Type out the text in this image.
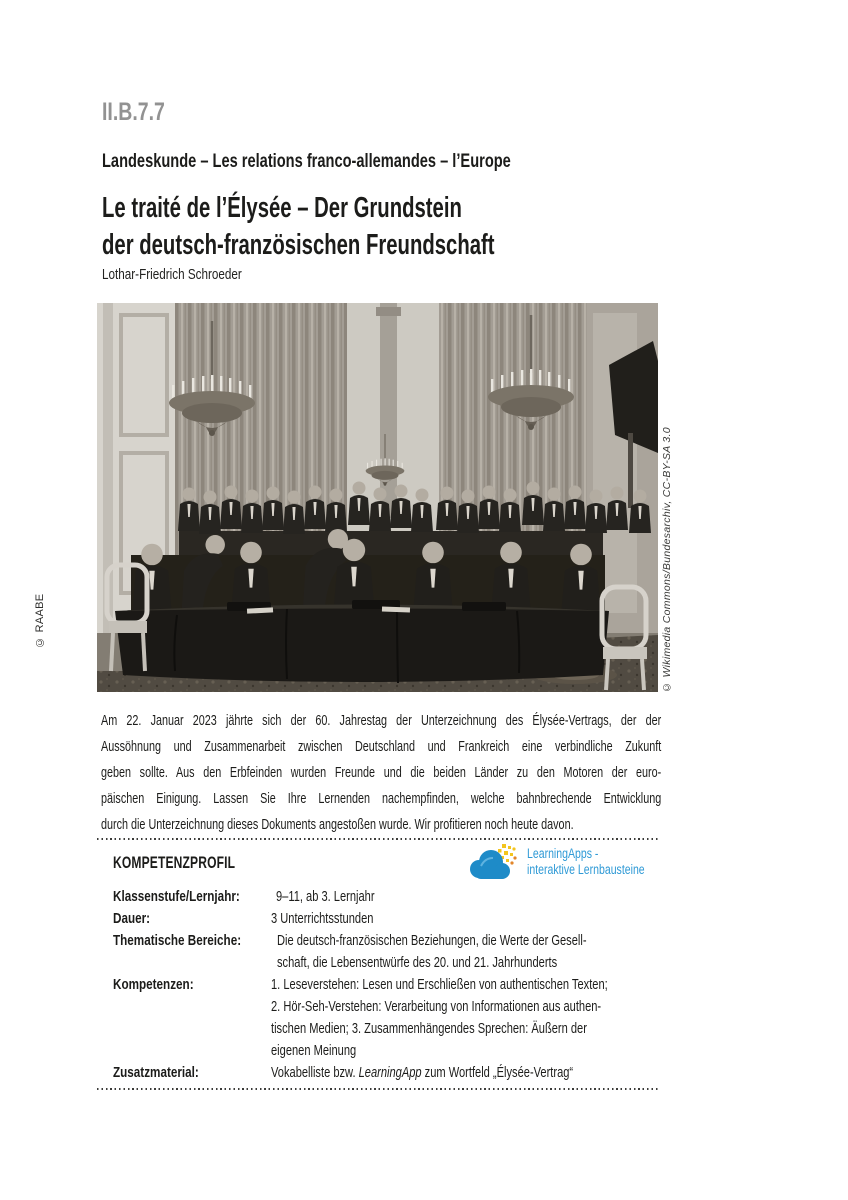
© RAABE
II.B.7.7
Landeskunde – Les relations franco-allemandes – l’Europe
Le traité de l’Élysée – Der Grundstein
der deutsch-französischen Freundschaft
Lothar-Friedrich Schroeder
© Wikimedia Commons/Bundesarchiv, CC-BY-SA 3.0
Am 22. Januar 2023 jährte sich der 60. Jahrestag der Unterzeichnung des Élysée-Vertrags, der der
Aussöhnung und Zusammenarbeit zwischen Deutschland und Frankreich eine verbindliche Zukunft
geben sollte. Aus den Erbfeinden wurden Freunde und die beiden Länder zu den Motoren der euro-
päischen Einigung. Lassen Sie Ihre Lernenden nachempfinden, welche bahnbrechende Entwicklung
durch die Unterzeichnung dieses Dokuments angestoßen wurde. Wir profitieren noch heute davon.
KOMPETENZPROFIL	LearningApps -
interaktive Lernbausteine
Klassenstufe/Lernjahr: 9–11, ab 3. Lernjahr
Dauer:	3 Unterrichtsstunden
Thematische Bereiche: Die deutsch-französischen Beziehungen, die Werte der Gesell-
schaft, die Lebensentwürfe des 20. und 21. Jahrhunderts
Kompetenzen:	1. Leseverstehen: Lesen und Erschließen von authentischen Texten;
2. Hör-Seh-Verstehen: Verarbeitung von Informationen aus authen-
tischen Medien; 3. Zusammenhängendes Sprechen: Äußern der
eigenen Meinung
Zusatzmaterial:	Vokabelliste bzw. LearningApp zum Wortfeld „Élysée-Vertrag“
